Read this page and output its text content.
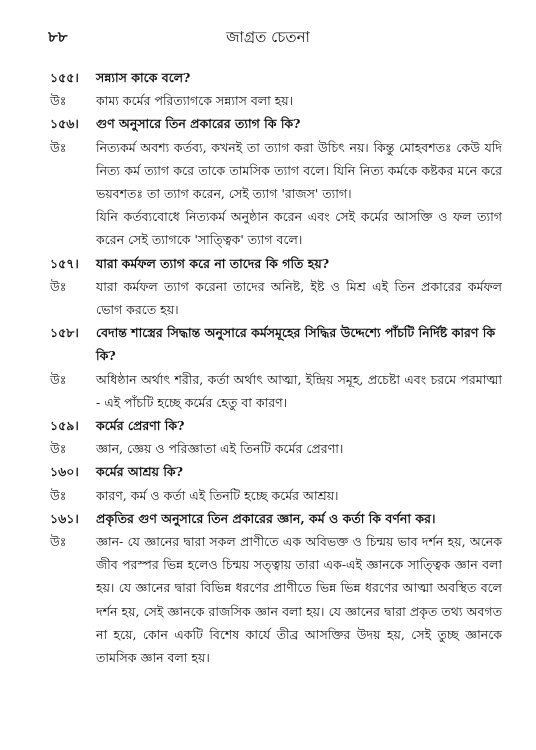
৮৮	জাগ্রত চেতনা
১৫৫।	সন্ন্যাস কাকে বলে?
উঃ	কাম্য কর্মের পরিত্যাগকে সন্ন্যাস বলা হয়।

১৫৬।	গুণ অনুসারে তিন প্রকারের ত্যাগ কি কি?
উঃ	নিত্যকর্ম অবশ্য কর্তব্য, কখনই তা ত্যাগ করা উচিৎ নয়। কিন্তু মোহবশতঃ কেউ যদি নিত্য কর্ম ত্যাগ করে তাকে তামসিক ত্যাগ বলে। যিনি নিত্য কর্মকে কষ্টকর মনে করে ভয়বশতঃ তা ত্যাগ করেন, সেই ত্যাগ 'রাজস' ত্যাগ।

যিনি কর্তব্যবোধে নিত্যকর্ম অনুষ্ঠান করেন এবং সেই কর্মের আসক্তি ও ফল ত্যাগ করেন সেই ত্যাগকে 'সাত্ত্বিক' ত্যাগ বলে।

১৫৭।	যারা কর্মফল ত্যাগ করে না তাদের কি গতি হয়?
উঃ	যারা কর্মফল ত্যাগ করেনা তাদের অনিষ্ট, ইষ্ট ও মিশ্র এই তিন প্রকারের কর্মফল ভোগ করতে হয়।

১৫৮।	বেদান্ত শাস্ত্রের সিদ্ধান্ত অনুসারে কর্মসমূহের সিদ্ধির উদ্দেশ্যে পাঁচটি নির্দিষ্ট কারণ কি কি?
উঃ	অধিষ্ঠান অর্থাৎ শরীর, কর্তা অর্থাৎ আত্মা, ইন্দ্রিয় সমূহ, প্রচেষ্টা এবং চরমে পরমাত্মা - এই পাঁচটি হচ্ছে কর্মের হেতু বা কারণ।

১৫৯।	কর্মের প্রেরণা কি?
উঃ	জ্ঞান, জ্ঞেয় ও পরিজ্ঞাতা এই তিনটি কর্মের প্রেরণা।

১৬০।	কর্মের আশ্রয় কি?
উঃ	কারণ, কর্ম ও কর্তা এই তিনটি হচ্ছে কর্মের আশ্রয়।

১৬১।	প্রকৃতির গুণ অনুসারে তিন প্রকারের জ্ঞান, কর্ম ও কর্তা কি বর্ণনা কর।
উঃ	জ্ঞান- যে জ্ঞানের দ্বারা সকল প্রাণীতে এক অবিভক্ত ও চিন্ময় ভাব দর্শন হয়, অনেক জীব পরস্পর ভিন্ন হলেও চিন্ময় সত্ত্বায় তারা এক-এই জ্ঞানকে সাত্ত্বিক জ্ঞান বলা হয়। যে জ্ঞানের দ্বারা বিভিন্ন ধরণের প্রাণীতে ভিন্ন ভিন্ন ধরণের আত্মা অবস্থিত বলে দর্শন হয়, সেই জ্ঞানকে রাজসিক জ্ঞান বলা হয়। যে জ্ঞানের দ্বারা প্রকৃত তথ্য অবগত না হয়ে, কোন একটি বিশেষ কার্যে তীব্র আসক্তির উদয় হয়, সেই তুচ্ছ জ্ঞানকে তামসিক জ্ঞান বলা হয়।
